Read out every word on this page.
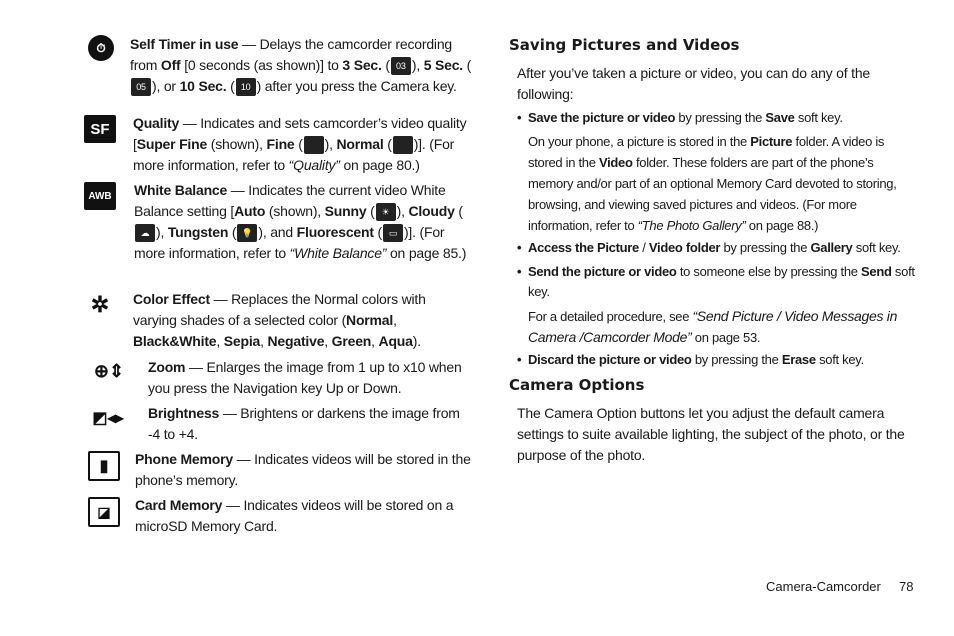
⏱	Self Timer in use — Delays the camcorder recording from Off [0 seconds (as shown)] to 3 Sec. ( 03 ), 5 Sec. (05 ), or 10 Sec. ( 10 ) after you press the Camera key.
SF	Quality — Indicates and sets camcorder’s video quality [Super Fine (shown), Fine ( ), Normal ( )]. (For more information, refer to “Quality” on page 80.)
AWB	White Balance — Indicates the current video White Balance setting [Auto (shown), Sunny ( ☀ ), Cloudy (☁ ), Tungsten ( 💡 ), and Fluorescent ( ▭ )]. (For more information, refer to “White Balance” on page 85.)
✲	Color Effect — Replaces the Normal colors with varying shades of a selected color (Normal, Black&White, Sepia, Negative, Green, Aqua).
⊕⇕	Zoom — Enlarges the image from 1 up to x10 when you press the Navigation key Up or Down.
◩◂▸	Brightness — Brightens or darkens the image from -4 to +4.
▮	Phone Memory — Indicates videos will be stored in the phone’s memory.
◪	Card Memory — Indicates videos will be stored on a microSD Memory Card.
Saving Pictures and Videos
After you’ve taken a picture or video, you can do any of the following:
• Save the picture or video by pressing the Save soft key.
On your phone, a picture is stored in the Picture folder. A video is stored in the Video folder. These folders are part of the phone’s memory and/or part of an optional Memory Card devoted to storing, browsing, and viewing saved pictures and videos. (For more information, refer to “The Photo Gallery” on page 88.)
• Access the Picture / Video folder by pressing the Gallery soft key.
• Send the picture or video to someone else by pressing the Send soft key.
For a detailed procedure, see “Send Picture / Video Messages in Camera /Camcorder Mode” on page 53.
• Discard the picture or video by pressing the Erase soft key.
Camera Options
The Camera Option buttons let you adjust the default camera settings to suite available lighting, the subject of the photo, or the purpose of the photo.
Camera-Camcorder 78
